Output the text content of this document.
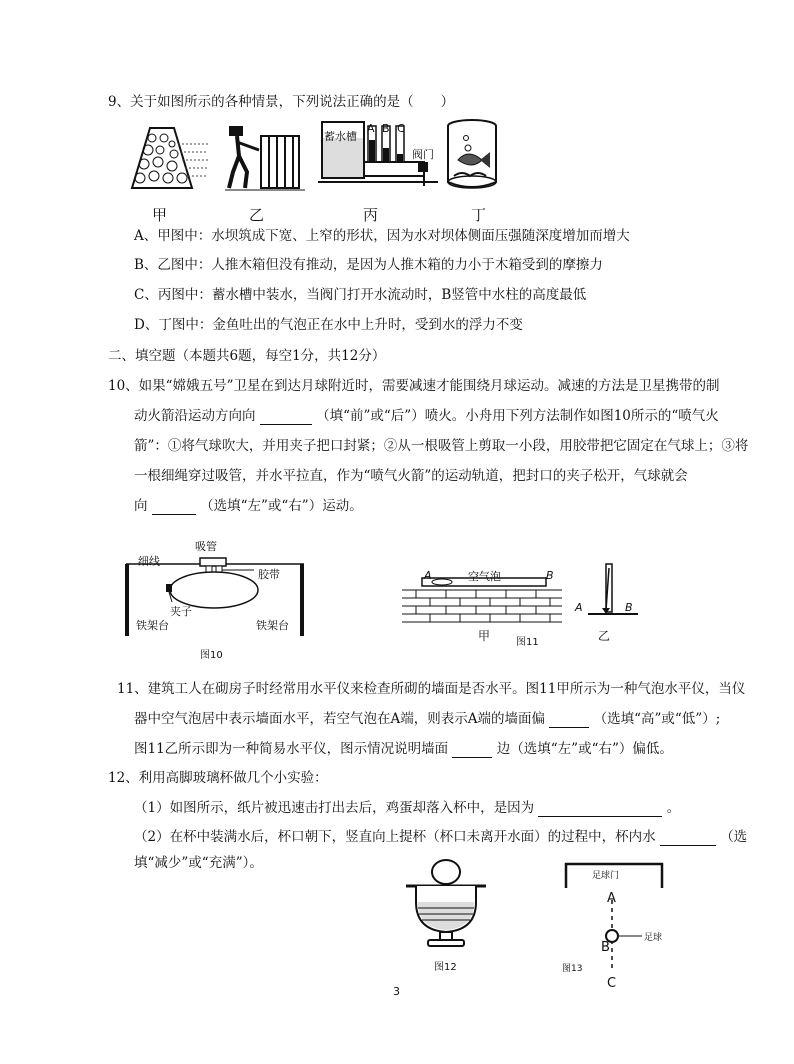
9、关于如图所示的各种情景，下列说法正确的是（　　）
蓄水槽
A B C
阀门
甲	乙	丙	丁
A、甲图中：水坝筑成下宽、上窄的形状，因为水对坝体侧面压强随深度增加而增大
B、乙图中：人推木箱但没有推动，是因为人推木箱的力小于木箱受到的摩擦力
C、丙图中：蓄水槽中装水，当阀门打开水流动时，B竖管中水柱的高度最低
D、丁图中：金鱼吐出的气泡正在水中上升时，受到水的浮力不变
二、填空题（本题共6题，每空1分，共12分）
10、如果“嫦娥五号”卫星在到达月球附近时，需要减速才能围绕月球运动。减速的方法是卫星携带的制
动火箭沿运动方向向	（填“前”或“后”）喷火。小舟用下列方法制作如图10所示的“喷气火
箭”：①将气球吹大，并用夹子把口封紧；②从一根吸管上剪取一小段，用胶带把它固定在气球上；③将
一根细绳穿过吸管，并水平拉直，作为“喷气火箭”的运动轨道，把封口的夹子松开，气球就会
向	（选填“左”或“右”）运动。
细线
吸管
胶带
夹子
铁架台	铁架台
图10
空气泡
A	B
甲	图11
A	B
乙
11、建筑工人在砌房子时经常用水平仪来检查所砌的墙面是否水平。图11甲所示为一种气泡水平仪，当仪
器中空气泡居中表示墙面水平，若空气泡在A端，则表示A端的墙面偏	（选填“高”或“低”）;
图11乙所示即为一种简易水平仪，图示情况说明墙面	边（选填“左”或“右”）偏低。
12、利用高脚玻璃杯做几个小实验：
（1）如图所示，纸片被迅速击打出去后，鸡蛋却落入杯中，是因为	。
（2）在杯中装满水后，杯口朝下，竖直向上提杯（杯口未离开水面）的过程中，杯内水	（选
填“减少”或“充满”）。
图12
足球门
A
B
足球
图13
C
3
